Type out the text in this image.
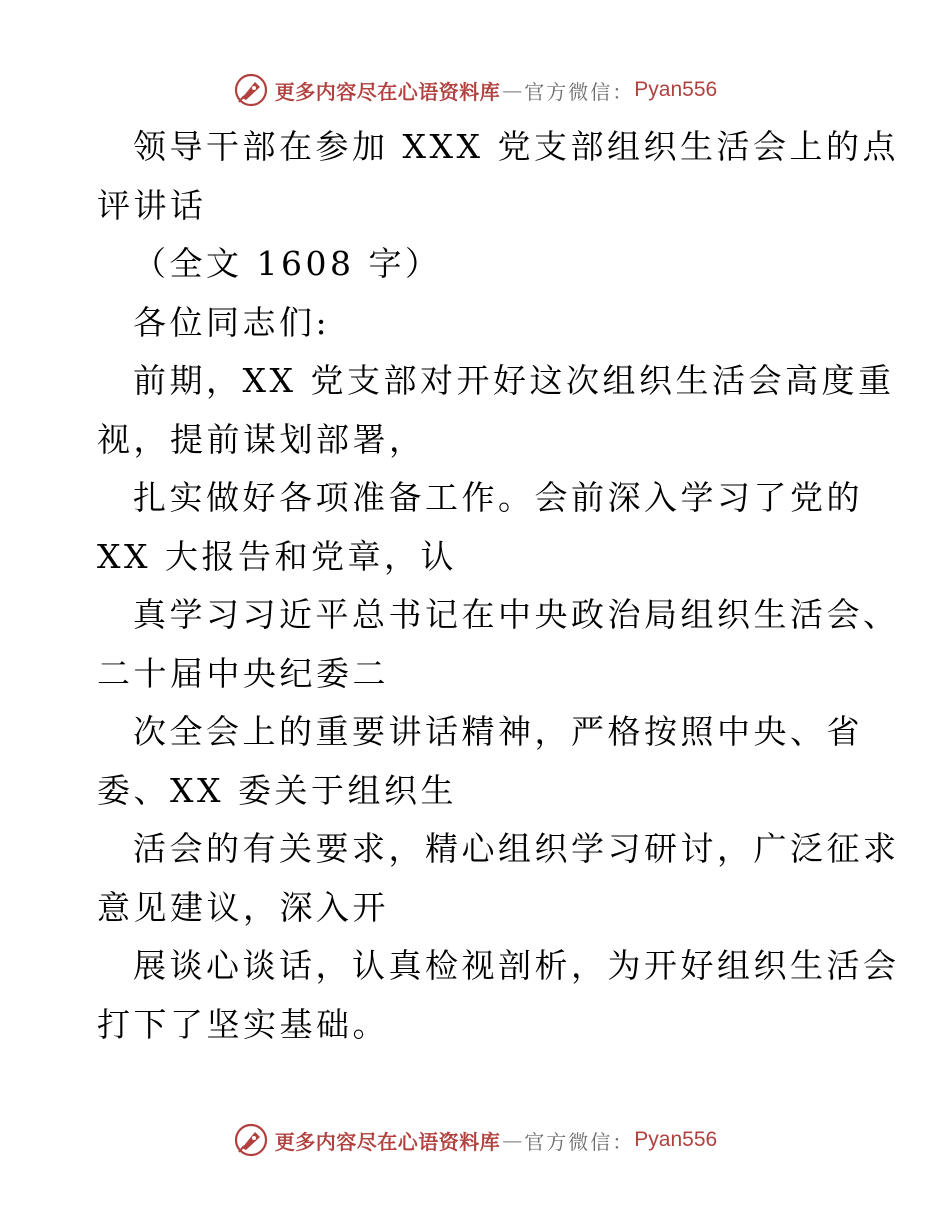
更多内容尽在心语资料库 — 官方微信： Pyan556
领导干部在参加 XXX 党支部组织生活会上的点
评讲话
（全文 1608 字）
各位同志们:
前期，XX 党支部对开好这次组织生活会高度重
视，提前谋划部署，
扎实做好各项准备工作。会前深入学习了党的
XX 大报告和党章，认
真学习习近平总书记在中央政治局组织生活会、
二十届中央纪委二
次全会上的重要讲话精神，严格按照中央、省
委、XX 委关于组织生
活会的有关要求，精心组织学习研讨，广泛征求
意见建议，深入开
展谈心谈话，认真检视剖析，为开好组织生活会
打下了坚实基础。
更多内容尽在心语资料库 — 官方微信： Pyan556
